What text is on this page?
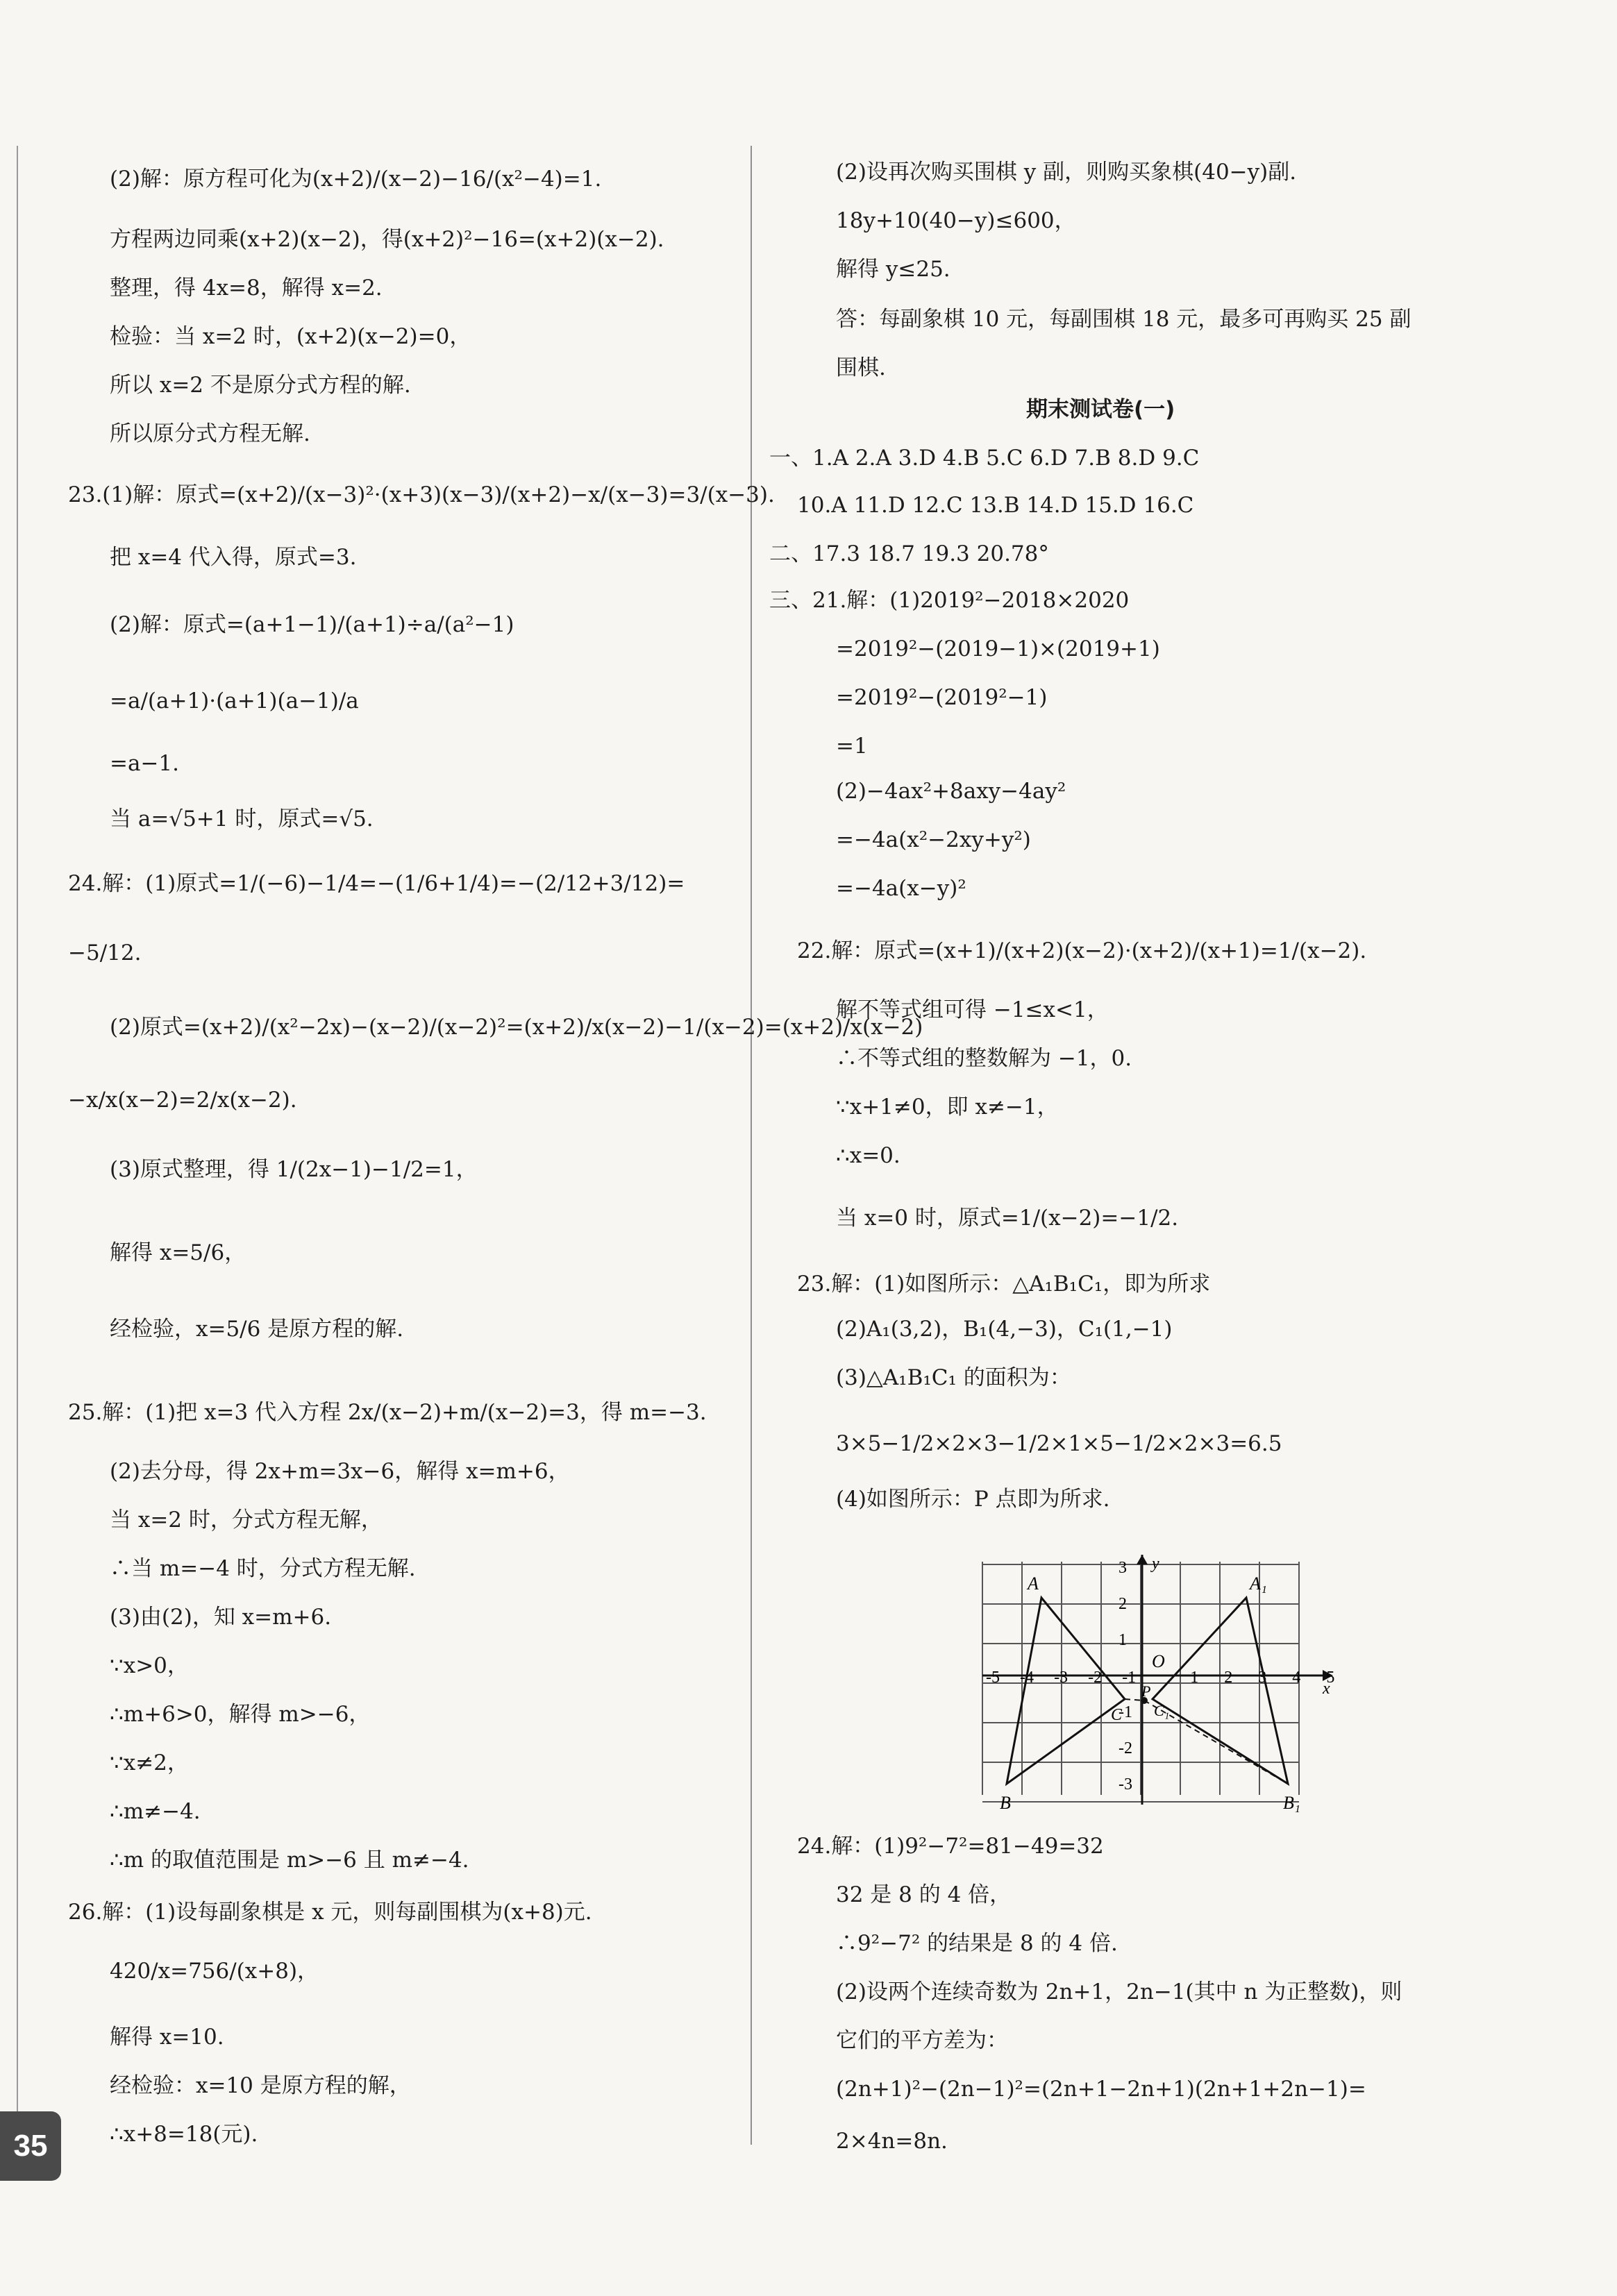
(2)解：原方程可化为(x+2)/(x−2)−16/(x²−4)=1.
方程两边同乘(x+2)(x−2)，得(x+2)²−16=(x+2)(x−2).
整理，得 4x=8，解得 x=2.
检验：当 x=2 时，(x+2)(x−2)=0，
所以 x=2 不是原分式方程的解.
所以原分式方程无解.
23.(1)解：原式=(x+2)/(x−3)²·(x+3)(x−3)/(x+2)−x/(x−3)=3/(x−3).
把 x=4 代入得，原式=3.
(2)解：原式=(a+1−1)/(a+1)÷a/(a²−1)
=a/(a+1)·(a+1)(a−1)/a
=a−1.
当 a=√5+1 时，原式=√5.
24.解：(1)原式=1/(−6)−1/4=−(1/6+1/4)=−(2/12+3/12)=
−5/12.
(2)原式=(x+2)/(x²−2x)−(x−2)/(x−2)²=(x+2)/x(x−2)−1/(x−2)=(x+2)/x(x−2)
−x/x(x−2)=2/x(x−2).
(3)原式整理，得 1/(2x−1)−1/2=1，
解得 x=5/6，
经检验，x=5/6 是原方程的解.
25.解：(1)把 x=3 代入方程 2x/(x−2)+m/(x−2)=3，得 m=−3.
(2)去分母，得 2x+m=3x−6，解得 x=m+6，
当 x=2 时，分式方程无解，
∴当 m=−4 时，分式方程无解.
(3)由(2)，知 x=m+6.
∵x>0，
∴m+6>0，解得 m>−6，
∵x≠2，
∴m≠−4.
∴m 的取值范围是 m>−6 且 m≠−4.
26.解：(1)设每副象棋是 x 元，则每副围棋为(x+8)元.
420/x=756/(x+8)，
解得 x=10.
经检验：x=10 是原方程的解，
∴x+8=18(元).
(2)设再次购买围棋 y 副，则购买象棋(40−y)副.
18y+10(40−y)≤600，
解得 y≤25.
答：每副象棋 10 元，每副围棋 18 元，最多可再购买 25 副
围棋.
期末测试卷(一)
一、1.A 2.A 3.D 4.B 5.C 6.D 7.B 8.D 9.C
10.A 11.D 12.C 13.B 14.D 15.D 16.C
二、17.3 18.7 19.3 20.78°
三、21.解：(1)2019²−2018×2020
=2019²−(2019−1)×(2019+1)
=2019²−(2019²−1)
=1
(2)−4ax²+8axy−4ay²
=−4a(x²−2xy+y²)
=−4a(x−y)²
22.解：原式=(x+1)/(x+2)(x−2)·(x+2)/(x+1)=1/(x−2).
解不等式组可得 −1≤x<1，
∴不等式组的整数解为 −1，0.
∵x+1≠0，即 x≠−1，
∴x=0.
当 x=0 时，原式=1/(x−2)=−1/2.
23.解：(1)如图所示：△A₁B₁C₁，即为所求
(2)A₁(3,2)，B₁(4,−3)，C₁(1,−1)
(3)△A₁B₁C₁ 的面积为：
3×5−1/2×2×3−1/2×1×5−1/2×2×3=6.5
(4)如图所示：P 点即为所求.
24.解：(1)9²−7²=81−49=32
32 是 8 的 4 倍，
∴9²−7² 的结果是 8 的 4 倍.
(2)设两个连续奇数为 2n+1，2n−1(其中 n 为正整数)，则
它们的平方差为：
(2n+1)²−(2n−1)²=(2n+1−2n+1)(2n+1+2n−1)=
2×4n=8n.
35
-5 -4 -3 -2 -1	1 2 3 4 5
3
2
1
-1
-2
-3
O
x
y
A	A₁
B	B₁
C C₁
P
